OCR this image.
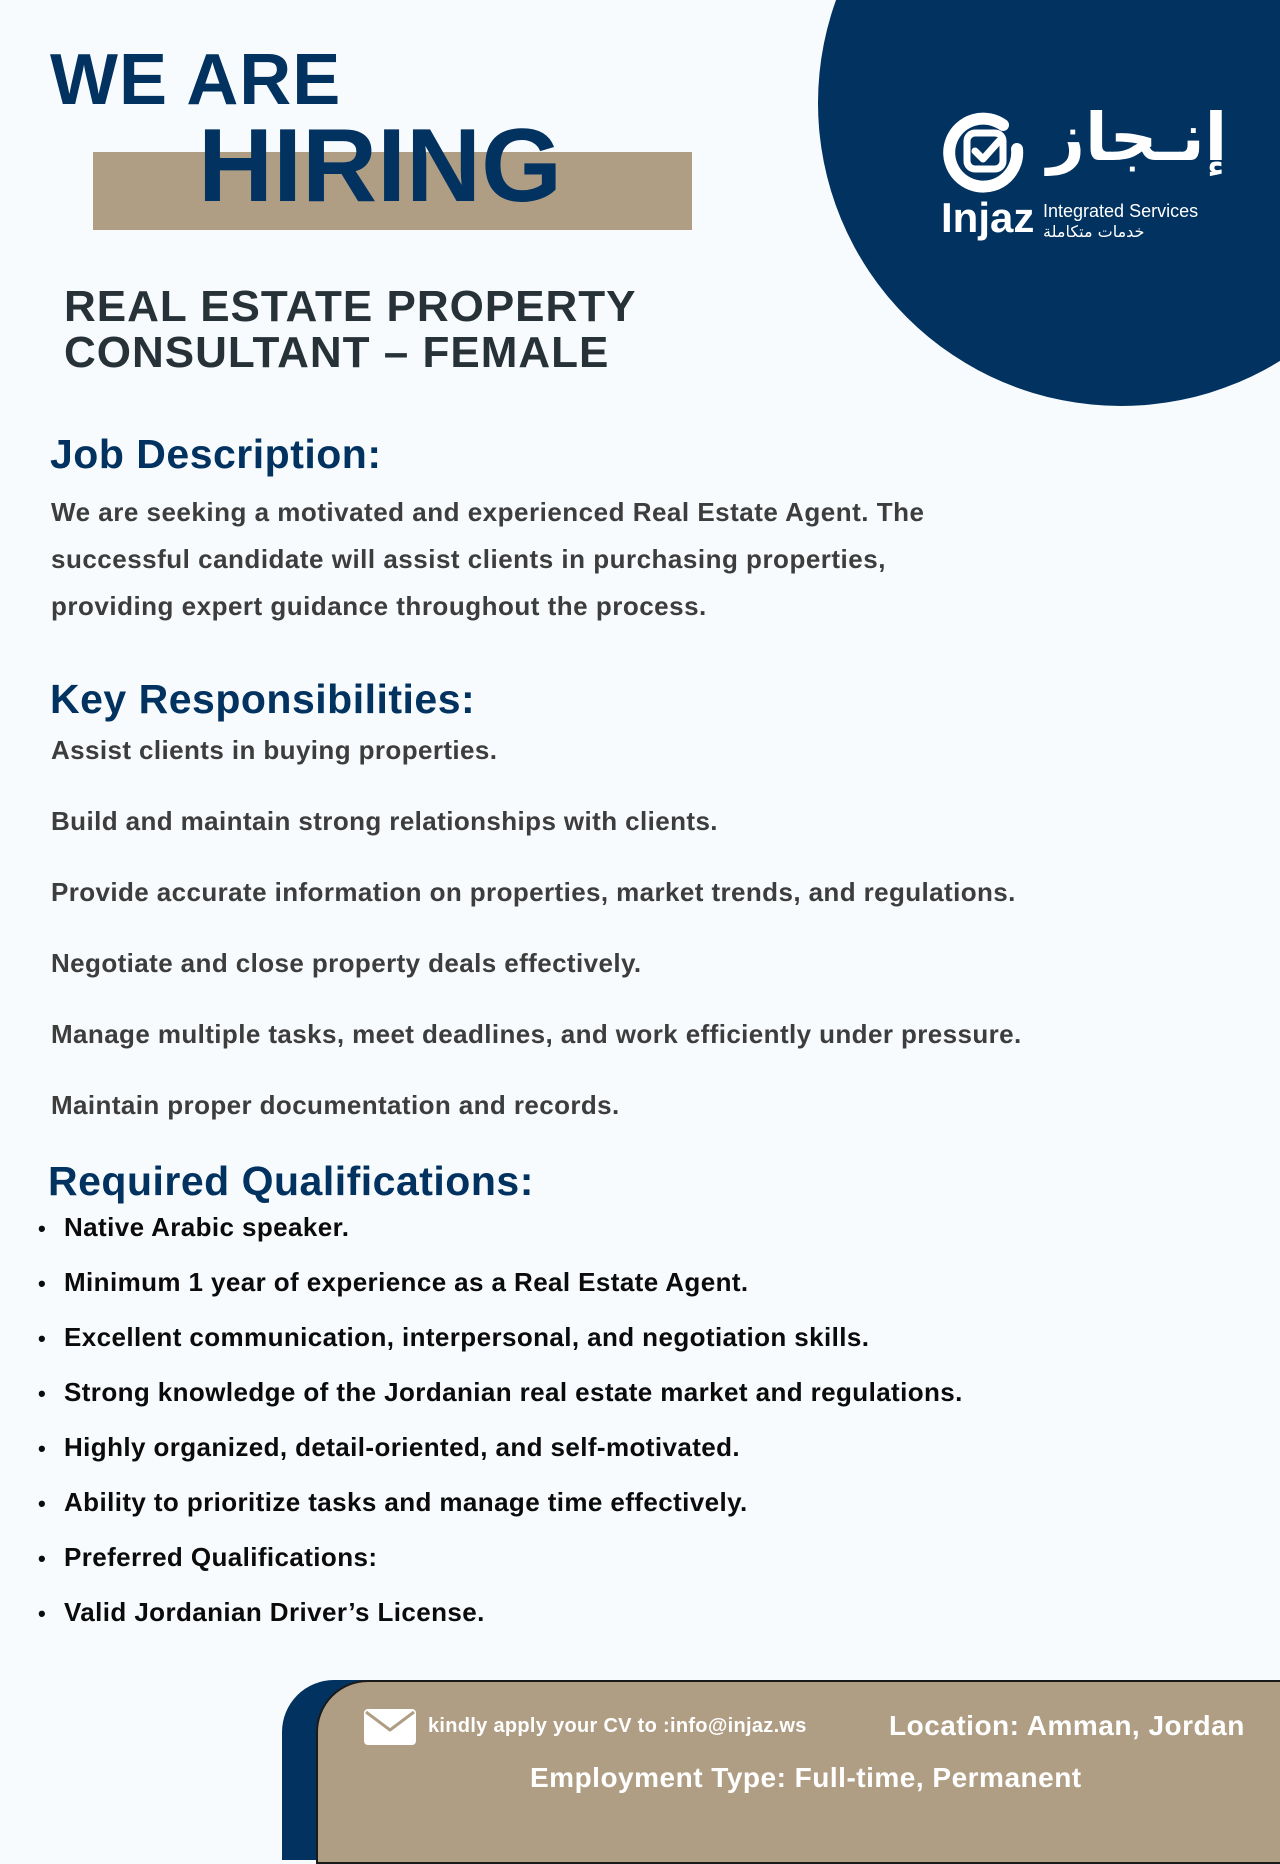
إنـجاز
Injaz Integrated Services
خدمات متكاملة
WE ARE
HIRING
REAL ESTATE PROPERTY
CONSULTANT – FEMALE
Job Description:

We are seeking a motivated and experienced Real Estate Agent. The
successful candidate will assist clients in purchasing properties,
providing expert guidance throughout the process.

Key Responsibilities:
Assist clients in buying properties.
Build and maintain strong relationships with clients.
Provide accurate information on properties, market trends, and regulations.
Negotiate and close property deals effectively.
Manage multiple tasks, meet deadlines, and work efficiently under pressure.
Maintain proper documentation and records.
Required Qualifications:
• Native Arabic speaker.
• Minimum 1 year of experience as a Real Estate Agent.
• Excellent communication, interpersonal, and negotiation skills.
• Strong knowledge of the Jordanian real estate market and regulations.
• Highly organized, detail-oriented, and self-motivated.
• Ability to prioritize tasks and manage time effectively.
• Preferred Qualifications:
• Valid Jordanian Driver’s License.
kindly apply your CV to :info@injaz.ws	Location: Amman, Jordan
Employment Type: Full-time, Permanent
